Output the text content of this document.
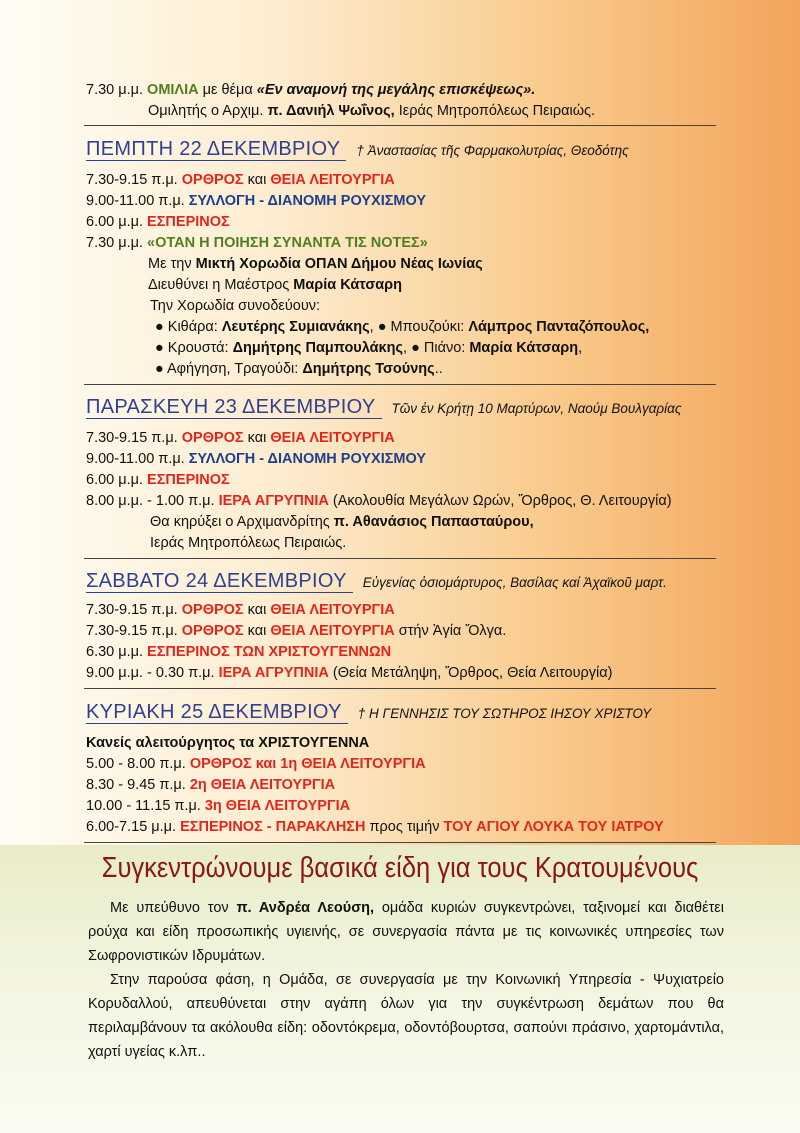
7.30 μ.μ. ΟΜΙΛΙΑ με θέμα «Εν αναμονή της μεγάλης επισκέψεως».
Ομιλητής ο Αρχιμ. π. Δανιήλ Ψωΐνος, Ιεράς Μητροπόλεως Πειραιώς.
ΠΕΜΠΤΗ 22 ΔΕΚΕΜΒΡΙΟΥ † Ἀναστασίας τῆς Φαρμακολυτρίας, Θεοδότης
7.30-9.15 π.μ. ΟΡΘΡΟΣ και ΘΕΙΑ ΛΕΙΤΟΥΡΓΙΑ
9.00-11.00 π.μ. ΣΥΛΛΟΓΗ - ΔΙΑΝΟΜΗ ΡΟΥΧΙΣΜΟΥ
6.00 μ.μ. ΕΣΠΕΡΙΝΟΣ
7.30 μ.μ. «ΟΤΑΝ Η ΠΟΙΗΣΗ ΣΥΝΑΝΤΑ ΤΙΣ ΝΟΤΕΣ»
Με την Μικτή Χορωδία ΟΠΑΝ Δήμου Νέας Ιωνίας
Διευθύνει η Μαέστρος Μαρία Κάτσαρη
Την Χορωδία συνοδεύουν:
● Κιθάρα: Λευτέρης Συμιανάκης, ● Μπουζούκι: Λάμπρος Πανταζόπουλος,
● Κρουστά: Δημήτρης Παμπουλάκης, ● Πιάνο: Μαρία Κάτσαρη,
● Αφήγηση, Τραγούδι: Δημήτρης Τσούνης..
ΠΑΡΑΣΚΕΥΗ 23 ΔΕΚΕΜΒΡΙΟΥ Τῶν ἐν Κρήτῃ 10 Μαρτύρων, Ναούμ Βουλγαρίας
7.30-9.15 π.μ. ΟΡΘΡΟΣ και ΘΕΙΑ ΛΕΙΤΟΥΡΓΙΑ
9.00-11.00 π.μ. ΣΥΛΛΟΓΗ - ΔΙΑΝΟΜΗ ΡΟΥΧΙΣΜΟΥ
6.00 μ.μ. ΕΣΠΕΡΙΝΟΣ
8.00 μ.μ. - 1.00 π.μ. ΙΕΡΑ ΑΓΡΥΠΝΙΑ (Ακολουθία Μεγάλων Ωρών, Ὄρθρος, Θ. Λειτουργία)
Θα κηρύξει ο Αρχιμανδρίτης π. Αθανάσιος Παπασταύρου,
Ιεράς Μητροπόλεως Πειραιώς.
ΣΑΒΒΑΤΟ 24 ΔΕΚΕΜΒΡΙΟΥ Εὐγενίας ὁσιομάρτυρος, Βασίλας καί Ἀχαϊκοῦ μαρτ.
7.30-9.15 π.μ. ΟΡΘΡΟΣ και ΘΕΙΑ ΛΕΙΤΟΥΡΓΙΑ
7.30-9.15 π.μ. ΟΡΘΡΟΣ και ΘΕΙΑ ΛΕΙΤΟΥΡΓΙΑ στήν Ἁγία Ὄλγα.
6.30 μ.μ. ΕΣΠΕΡΙΝΟΣ ΤΩΝ ΧΡΙΣΤΟΥΓΕΝΝΩΝ
9.00 μ.μ. - 0.30 π.μ. ΙΕΡΑ ΑΓΡΥΠΝΙΑ (Θεία Μετάληψη, Ὄρθρος, Θεία Λειτουργία)
ΚΥΡΙΑΚΗ 25 ΔΕΚΕΜΒΡΙΟΥ † Η ΓΕΝΝΗΣΙΣ ΤΟΥ ΣΩΤΗΡΟΣ ΙΗΣΟΥ ΧΡΙΣΤΟΥ
Κανείς αλειτούργητος τα ΧΡΙΣΤΟΥΓΕΝΝΑ
5.00 - 8.00 π.μ. ΟΡΘΡΟΣ και 1η ΘΕΙΑ ΛΕΙΤΟΥΡΓΙΑ
8.30 - 9.45 π.μ. 2η ΘΕΙΑ ΛΕΙΤΟΥΡΓΙΑ
10.00 - 11.15 π.μ. 3η ΘΕΙΑ ΛΕΙΤΟΥΡΓΙΑ
6.00-7.15 μ.μ. ΕΣΠΕΡΙΝΟΣ - ΠΑΡΑΚΛΗΣΗ προς τιμήν ΤΟΥ ΑΓΙΟΥ ΛΟΥΚΑ ΤΟΥ ΙΑΤΡΟΥ
Συγκεντρώνουμε βασικά είδη για τους Κρατουμένους
Με υπεύθυνο τον π. Ανδρέα Λεούση, ομάδα κυριών συγκεντρώνει, ταξινομεί και διαθέτει ρούχα και είδη προσωπικής υγιεινής, σε συνεργασία πάντα με τις κοινωνικές υπηρεσίες των Σωφρονιστικών Ιδρυμάτων.
Στην παρούσα φάση, η Ομάδα, σε συνεργασία με την Κοινωνική Υπηρεσία - Ψυχιατρείο Κορυδαλλού, απευθύνεται στην αγάπη όλων για την συγκέντρωση δεμάτων που θα περιλαμβάνουν τα ακόλουθα είδη: οδοντόκρεμα, οδοντόβουρτσα, σαπούνι πράσινο, χαρτομάντιλα, χαρτί υγείας κ.λπ..
